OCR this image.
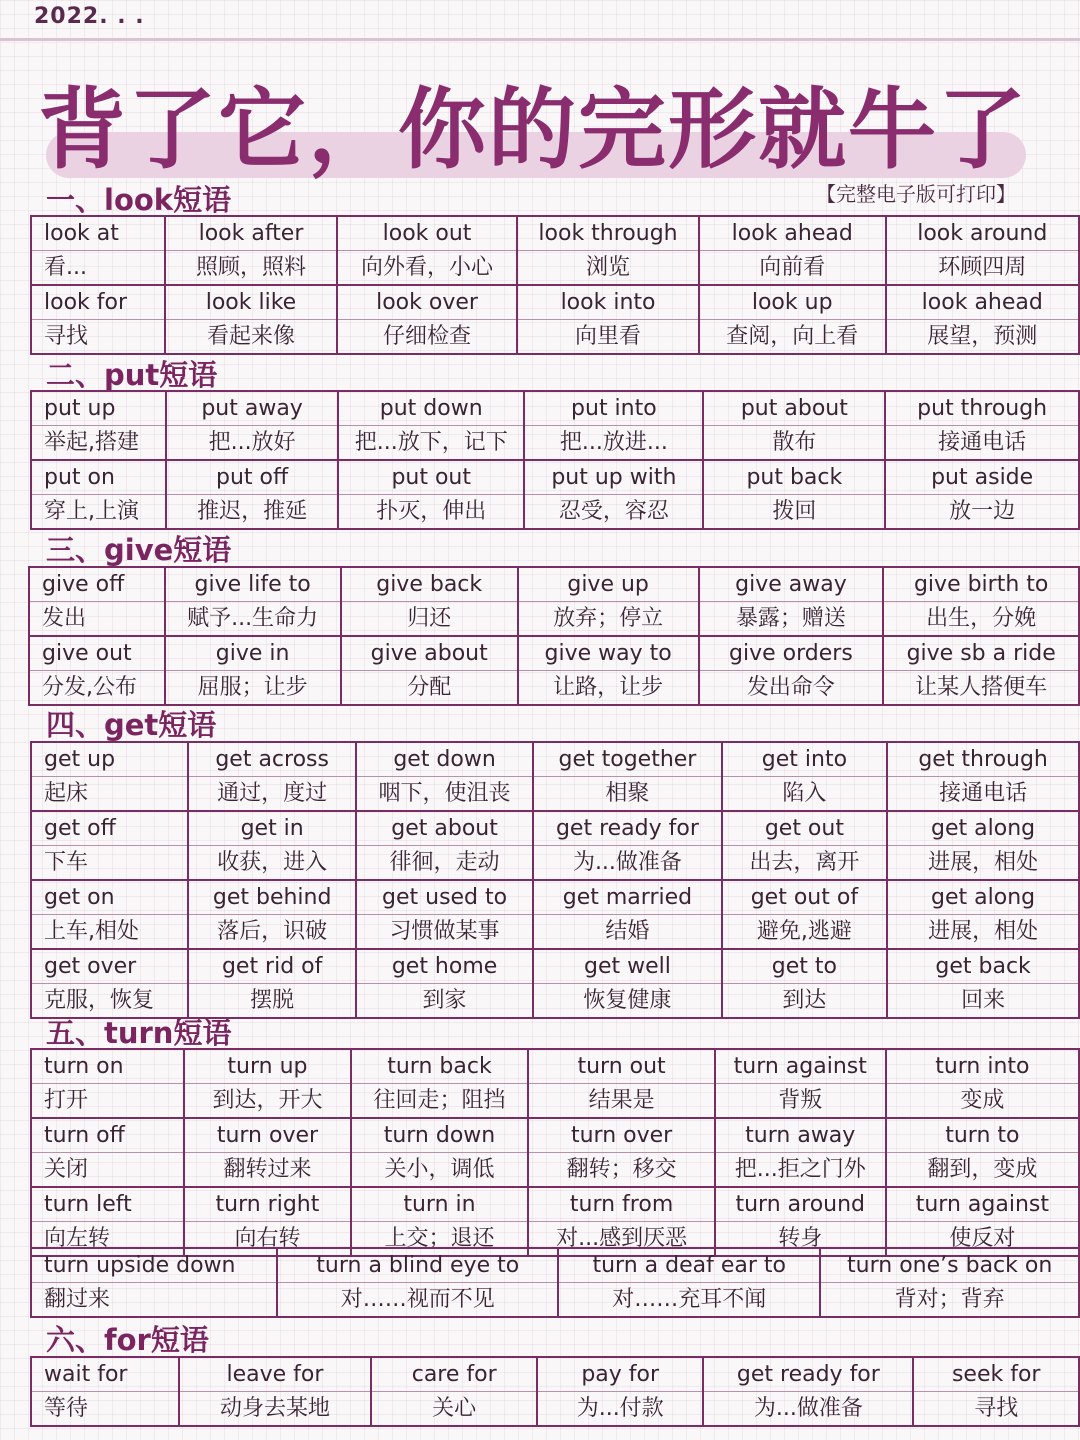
2022. . .
背了它，你的完形就牛了
【完整电子版可打印】
一、look短语
look at	look after	look out	look through	look ahead	look around
看...	照顾，照料	向外看，小心	浏览	向前看	环顾四周
look for	look like	look over	look into	look up	look ahead
寻找	看起来像	仔细检查	向里看	查阅，向上看	展望，预测
二、put短语
put up	put away	put down	put into	put about	put through
举起,搭建	把...放好	把...放下，记下	把...放进...	散布	接通电话
put on	put off	put out	put up with	put back	put aside
穿上,上演	推迟，推延	扑灭，伸出	忍受，容忍	拨回	放一边
三、give短语
give off	give life to	give back	give up	give away	give birth to
发出	赋予...生命力	归还	放弃；停立	暴露；赠送	出生，分娩
give out	give in	give about	give way to	give orders	give sb a ride
分发,公布	屈服；让步	分配	让路，让步	发出命令	让某人搭便车
四、get短语
get up	get across	get down	get together	get into	get through
起床	通过，度过	咽下，使沮丧	相聚	陷入	接通电话
get off	get in	get about	get ready for	get out	get along
下车	收获，进入	徘徊，走动	为...做准备	出去，离开	进展，相处
get on	get behind	get used to	get married	get out of	get along
上车,相处	落后，识破	习惯做某事	结婚	避免,逃避	进展，相处
get over	get rid of	get home	get well	get to	get back
克服，恢复	摆脱	到家	恢复健康	到达	回来
五、turn短语
turn on	turn up	turn back	turn out	turn against	turn into
打开	到达，开大	往回走；阻挡	结果是	背叛	变成
turn off	turn over	turn down	turn over	turn away	turn to
关闭	翻转过来	关小，调低	翻转；移交	把...拒之门外	翻到，变成
turn left	turn right	turn in	turn from	turn around	turn against
向左转	向右转	上交；退还	对...感到厌恶	转身	使反对
turn upside down	turn a blind eye to	turn a deaf ear to	turn one’s back on
翻过来	对……视而不见	对……充耳不闻	背对；背弃
六、for短语
wait for	leave for	care for	pay for	get ready for	seek for
等待	动身去某地	关心	为...付款	为...做准备	寻找
